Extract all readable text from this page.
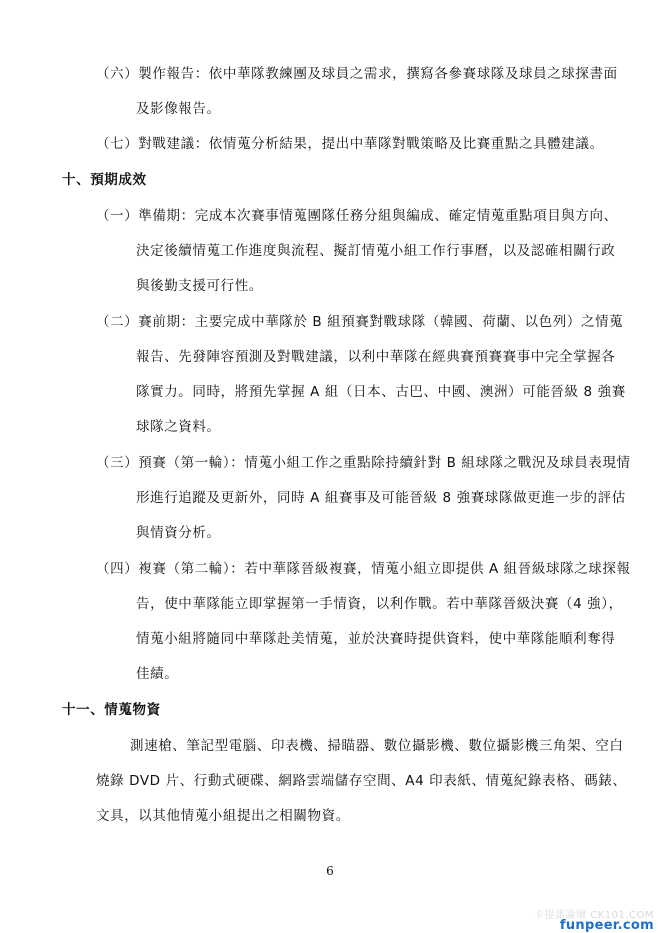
（六）製作報告：依中華隊教練團及球員之需求，撰寫各參賽球隊及球員之球探書面
及影像報告。
（七）對戰建議：依情蒐分析結果，提出中華隊對戰策略及比賽重點之具體建議。
十、預期成效
（一）準備期：完成本次賽事情蒐團隊任務分組與編成、確定情蒐重點項目與方向、
決定後續情蒐工作進度與流程、擬訂情蒐小組工作行事曆，以及認確相關行政
與後勤支援可行性。
（二）賽前期：主要完成中華隊於 B 組預賽對戰球隊（韓國、荷蘭、以色列）之情蒐
報告、先發陣容預測及對戰建議，以利中華隊在經典賽預賽賽事中完全掌握各
隊實力。同時，將預先掌握 A 組（日本、古巴、中國、澳洲）可能晉級 8 強賽
球隊之資料。
（三）預賽（第一輪）：情蒐小組工作之重點除持續針對 B 組球隊之戰況及球員表現情
形進行追蹤及更新外，同時 A 組賽事及可能晉級 8 強賽球隊做更進一步的評估
與情資分析。
（四）複賽（第二輪）：若中華隊晉級複賽，情蒐小組立即提供 A 組晉級球隊之球探報
告，使中華隊能立即掌握第一手情資，以利作戰。若中華隊晉級決賽（4 強），
情蒐小組將隨同中華隊赴美情蒐，並於決賽時提供資料，使中華隊能順利奪得
佳績。
十一、情蒐物資
測速槍、筆記型電腦、印表機、掃瞄器、數位攝影機、數位攝影機三角架、空白
燒錄 DVD 片、行動式硬碟、網路雲端儲存空間、A4 印表紙、情蒐紀錄表格、碼錶、
文具，以其他情蒐小組提出之相關物資。
6
卡提諾論壇 CK101.COM
funpeer.com
